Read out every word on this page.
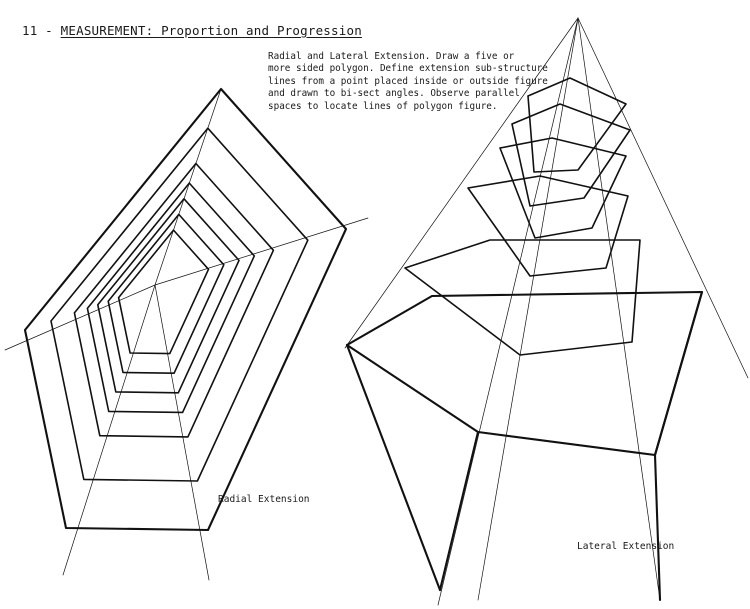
11 - MEASUREMENT: Proportion and Progression
Radial and Lateral Extension. Draw a five or
more sided polygon. Define extension sub-structure
lines from a point placed inside or outside figure
and drawn to bi-sect angles. Observe parallel
spaces to locate lines of polygon figure.
Radial Extension
Lateral Extension
